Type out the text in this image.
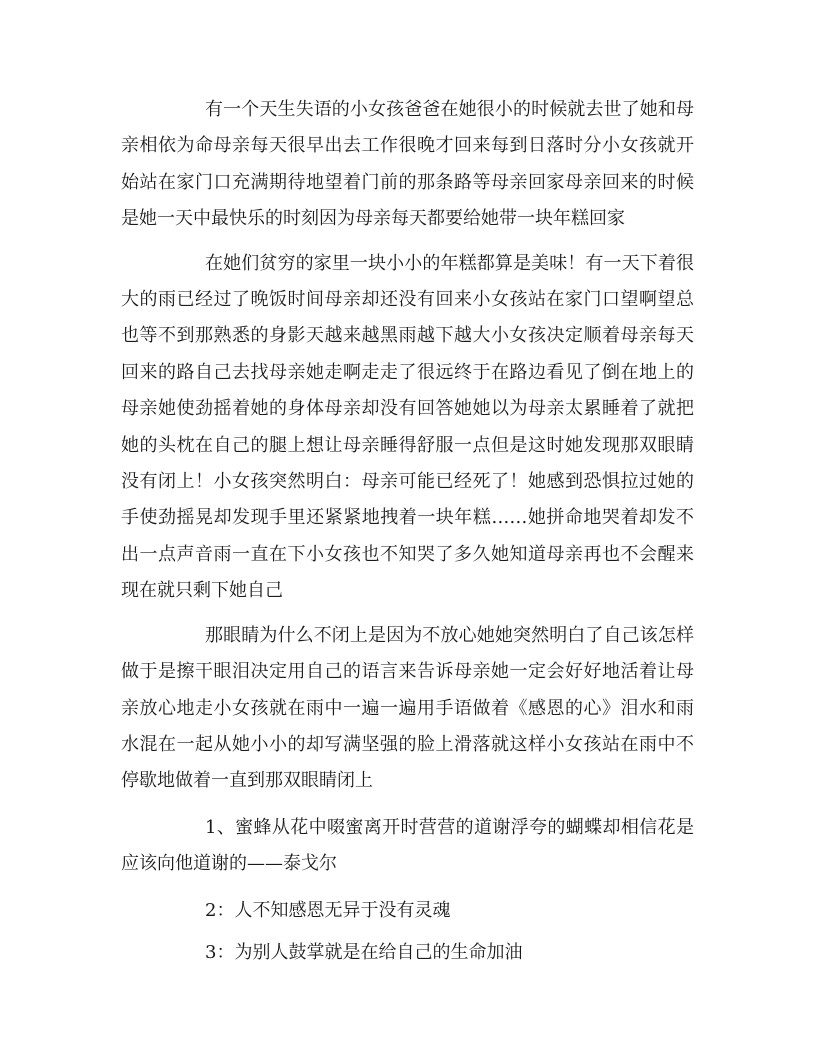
有一个天生失语的小女孩爸爸在她很小的时候就去世了她和母亲相依为命母亲每天很早出去工作很晚才回来每到日落时分小女孩就开始站在家门口充满期待地望着门前的那条路等母亲回家母亲回来的时候是她一天中最快乐的时刻因为母亲每天都要给她带一块年糕回家

在她们贫穷的家里一块小小的年糕都算是美味！有一天下着很大的雨已经过了晚饭时间母亲却还没有回来小女孩站在家门口望啊望总也等不到那熟悉的身影天越来越黑雨越下越大小女孩决定顺着母亲每天回来的路自己去找母亲她走啊走走了很远终于在路边看见了倒在地上的母亲她使劲摇着她的身体母亲却没有回答她她以为母亲太累睡着了就把她的头枕在自己的腿上想让母亲睡得舒服一点但是这时她发现那双眼睛没有闭上！小女孩突然明白：母亲可能已经死了！她感到恐惧拉过她的手使劲摇晃却发现手里还紧紧地拽着一块年糕……她拼命地哭着却发不出一点声音雨一直在下小女孩也不知哭了多久她知道母亲再也不会醒来现在就只剩下她自己

那眼睛为什么不闭上是因为不放心她她突然明白了自己该怎样做于是擦干眼泪决定用自己的语言来告诉母亲她一定会好好地活着让母亲放心地走小女孩就在雨中一遍一遍用手语做着《感恩的心》泪水和雨水混在一起从她小小的却写满坚强的脸上滑落就这样小女孩站在雨中不停歇地做着一直到那双眼睛闭上

1、蜜蜂从花中啜蜜离开时营营的道谢浮夸的蝴蝶却相信花是应该向他道谢的——泰戈尔

2：人不知感恩无异于没有灵魂

3：为别人鼓掌就是在给自己的生命加油
